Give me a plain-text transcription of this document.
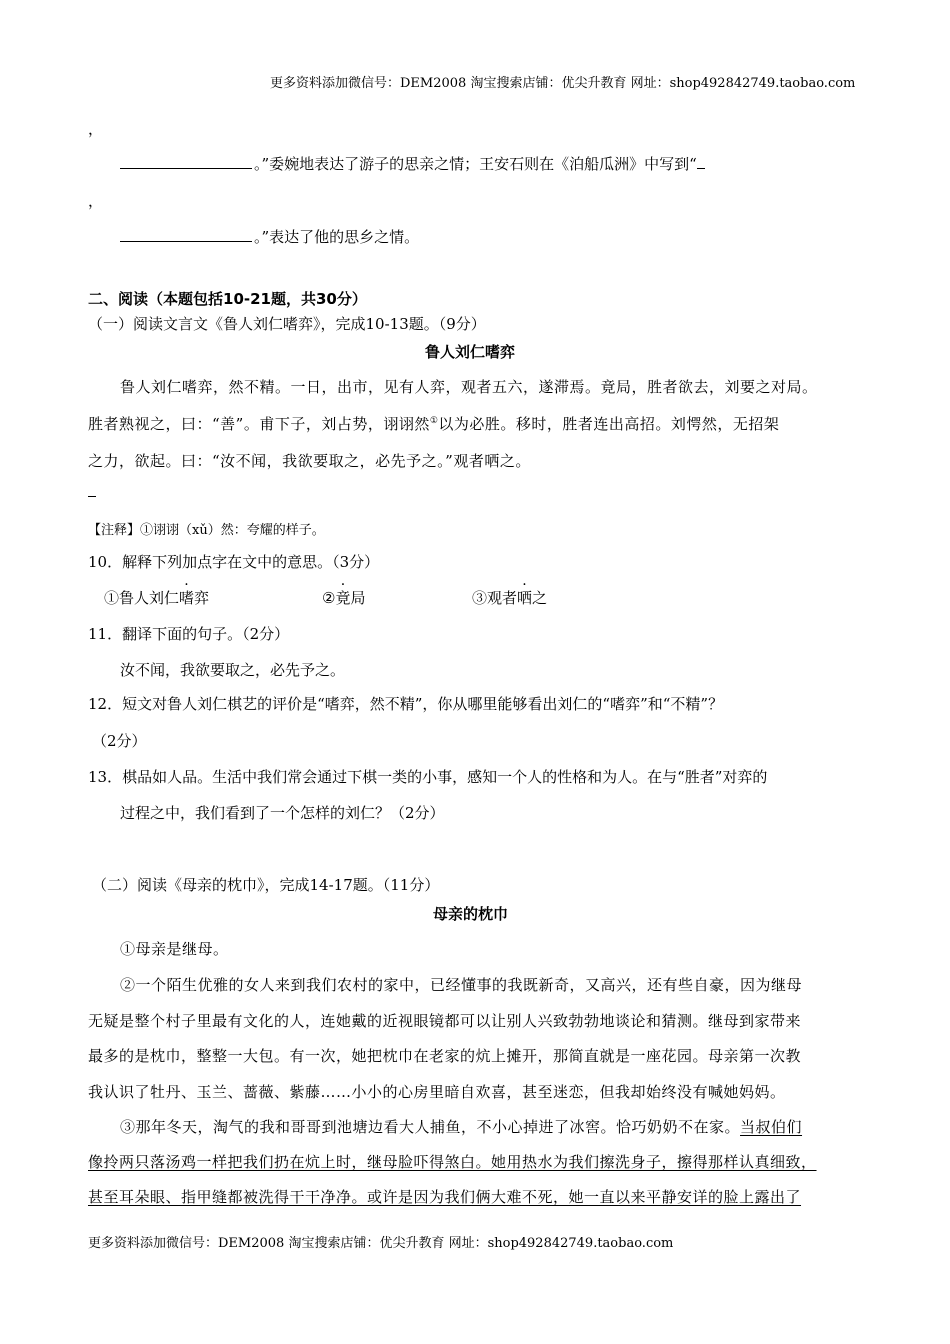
更多资料添加微信号：DEM2008 淘宝搜索店铺：优尖升教育 网址：shop492842749.taobao.com
，
。”委婉地表达了游子的思亲之情；王安石则在《泊船瓜洲》中写到“
，
。”表达了他的思乡之情。
二、阅读（本题包括10-21题，共30分）
（一）阅读文言文《鲁人刘仁嗜弈》，完成10-13题。（9分）
鲁人刘仁嗜弈
鲁人刘仁嗜弈，然不精。一日，出市，见有人弈，观者五六，遂滞焉。竟局，胜者欲去，刘要之对局。
胜者熟视之，曰：“善”。甫下子，刘占势，诩诩然①以为必胜。移时，胜者连出高招。刘愕然，无招架
之力，欲起。曰：“汝不闻，我欲要取之，必先予之。”观者哂之。
【注释】①诩诩（xǔ）然：夸耀的样子。
10．解释下列加点字在文中的意思。（3分）
①鲁人刘仁嗜弈	②竟局	③观者哂之
11．翻译下面的句子。（2分）
汝不闻，我欲要取之，必先予之。
12．短文对鲁人刘仁棋艺的评价是“嗜弈，然不精”，你从哪里能够看出刘仁的“嗜弈”和“不精”？
（2分）
13．棋品如人品。生活中我们常会通过下棋一类的小事，感知一个人的性格和为人。在与“胜者”对弈的
过程之中，我们看到了一个怎样的刘仁？（2分）
（二）阅读《母亲的枕巾》，完成14-17题。（11分）
母亲的枕巾
①母亲是继母。
②一个陌生优雅的女人来到我们农村的家中，已经懂事的我既新奇，又高兴，还有些自豪，因为继母
无疑是整个村子里最有文化的人，连她戴的近视眼镜都可以让别人兴致勃勃地谈论和猜测。继母到家带来
最多的是枕巾，整整一大包。有一次，她把枕巾在老家的炕上摊开，那简直就是一座花园。母亲第一次教
我认识了牡丹、玉兰、蔷薇、紫藤……小小的心房里暗自欢喜，甚至迷恋，但我却始终没有喊她妈妈。
③那年冬天，淘气的我和哥哥到池塘边看大人捕鱼，不小心掉进了冰窖。恰巧奶奶不在家。当叔伯们
像拎两只落汤鸡一样把我们扔在炕上时，继母脸吓得煞白。她用热水为我们擦洗身子，擦得那样认真细致，
甚至耳朵眼、指甲缝都被洗得干干净净。或许是因为我们俩大难不死，她一直以来平静安详的脸上露出了
更多资料添加微信号：DEM2008 淘宝搜索店铺：优尖升教育 网址：shop492842749.taobao.com
